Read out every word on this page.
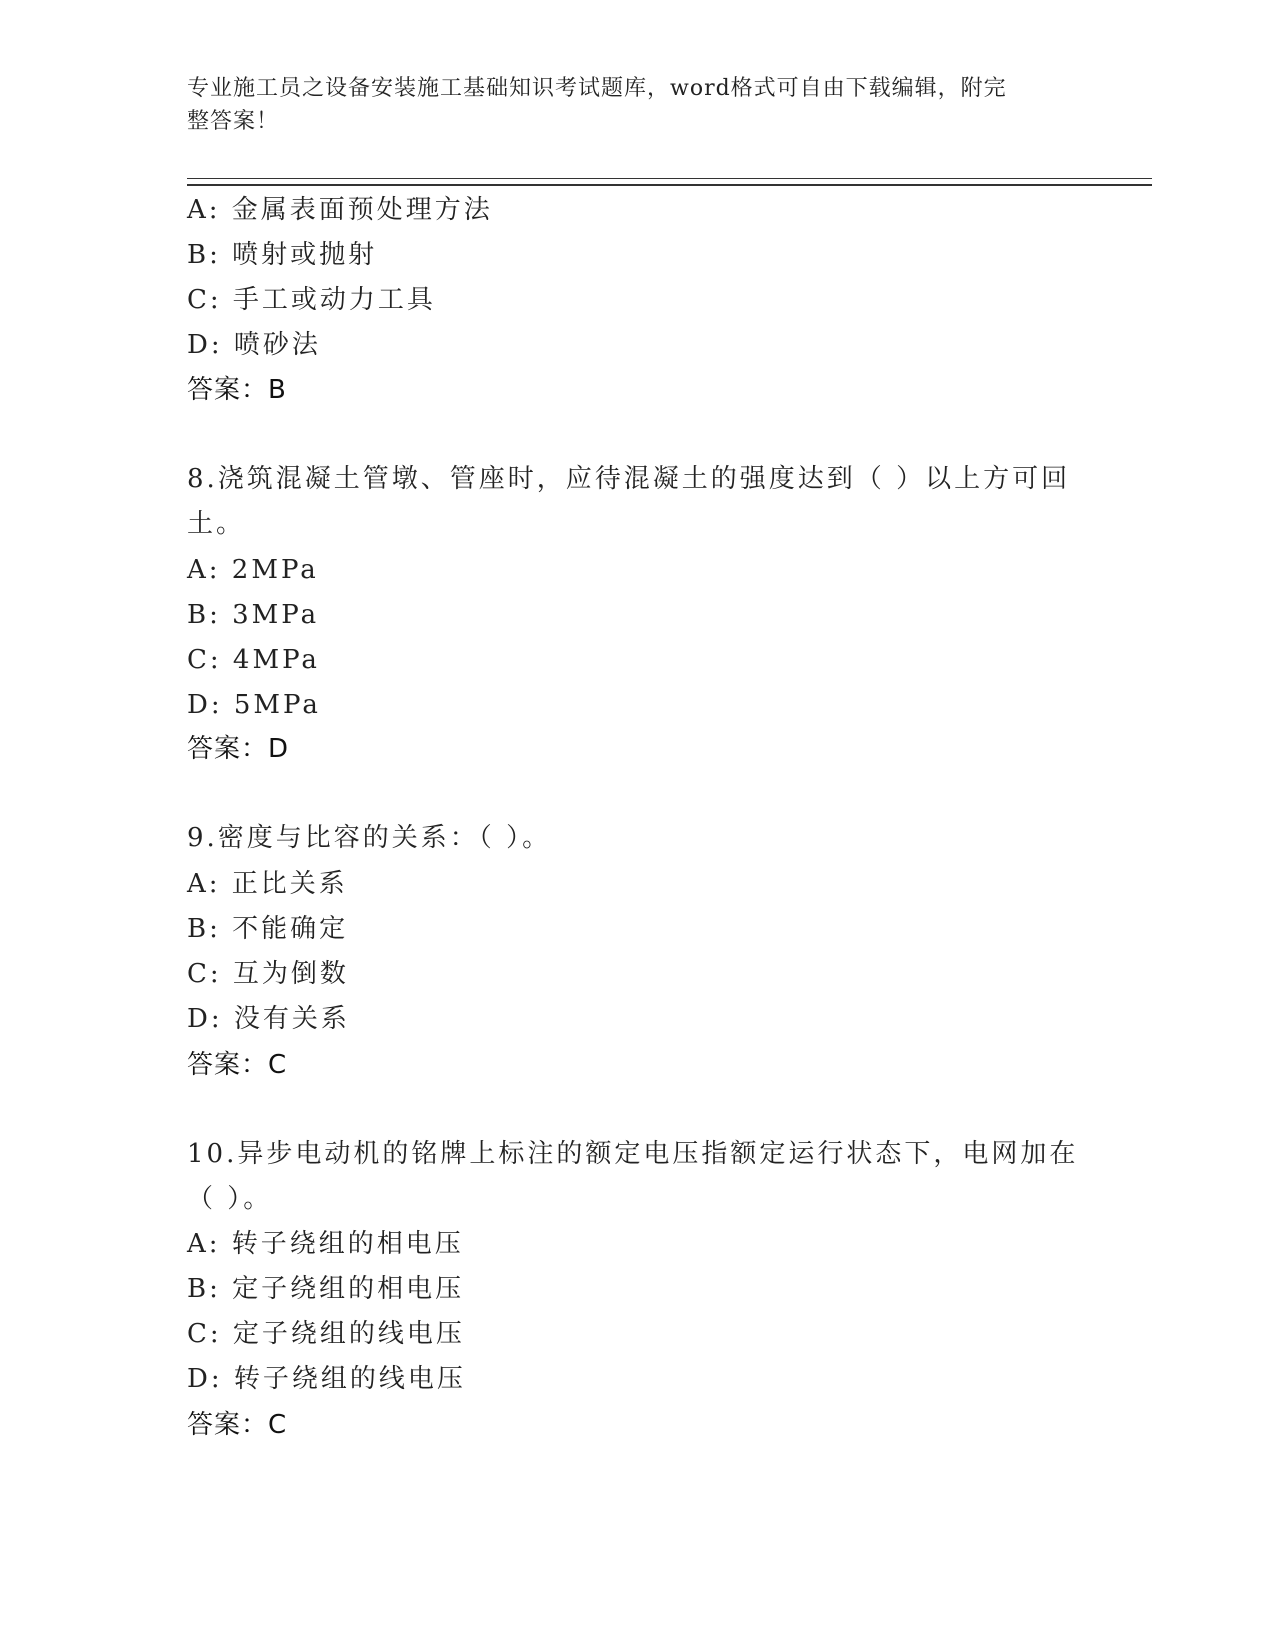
专业施工员之设备安装施工基础知识考试题库，word格式可自由下载编辑，附完
整答案！
A: 金属表面预处理方法
B: 喷射或抛射
C: 手工或动力工具
D: 喷砂法
答案：B
8.浇筑混凝土管墩、管座时，应待混凝土的强度达到（ ）以上方可回
土。
A: 2MPa
B: 3MPa
C: 4MPa
D: 5MPa
答案：D
9.密度与比容的关系：（ ）。
A: 正比关系
B: 不能确定
C: 互为倒数
D: 没有关系
答案：C
10.异步电动机的铭牌上标注的额定电压指额定运行状态下，电网加在
（ ）。
A: 转子绕组的相电压
B: 定子绕组的相电压
C: 定子绕组的线电压
D: 转子绕组的线电压
答案：C
